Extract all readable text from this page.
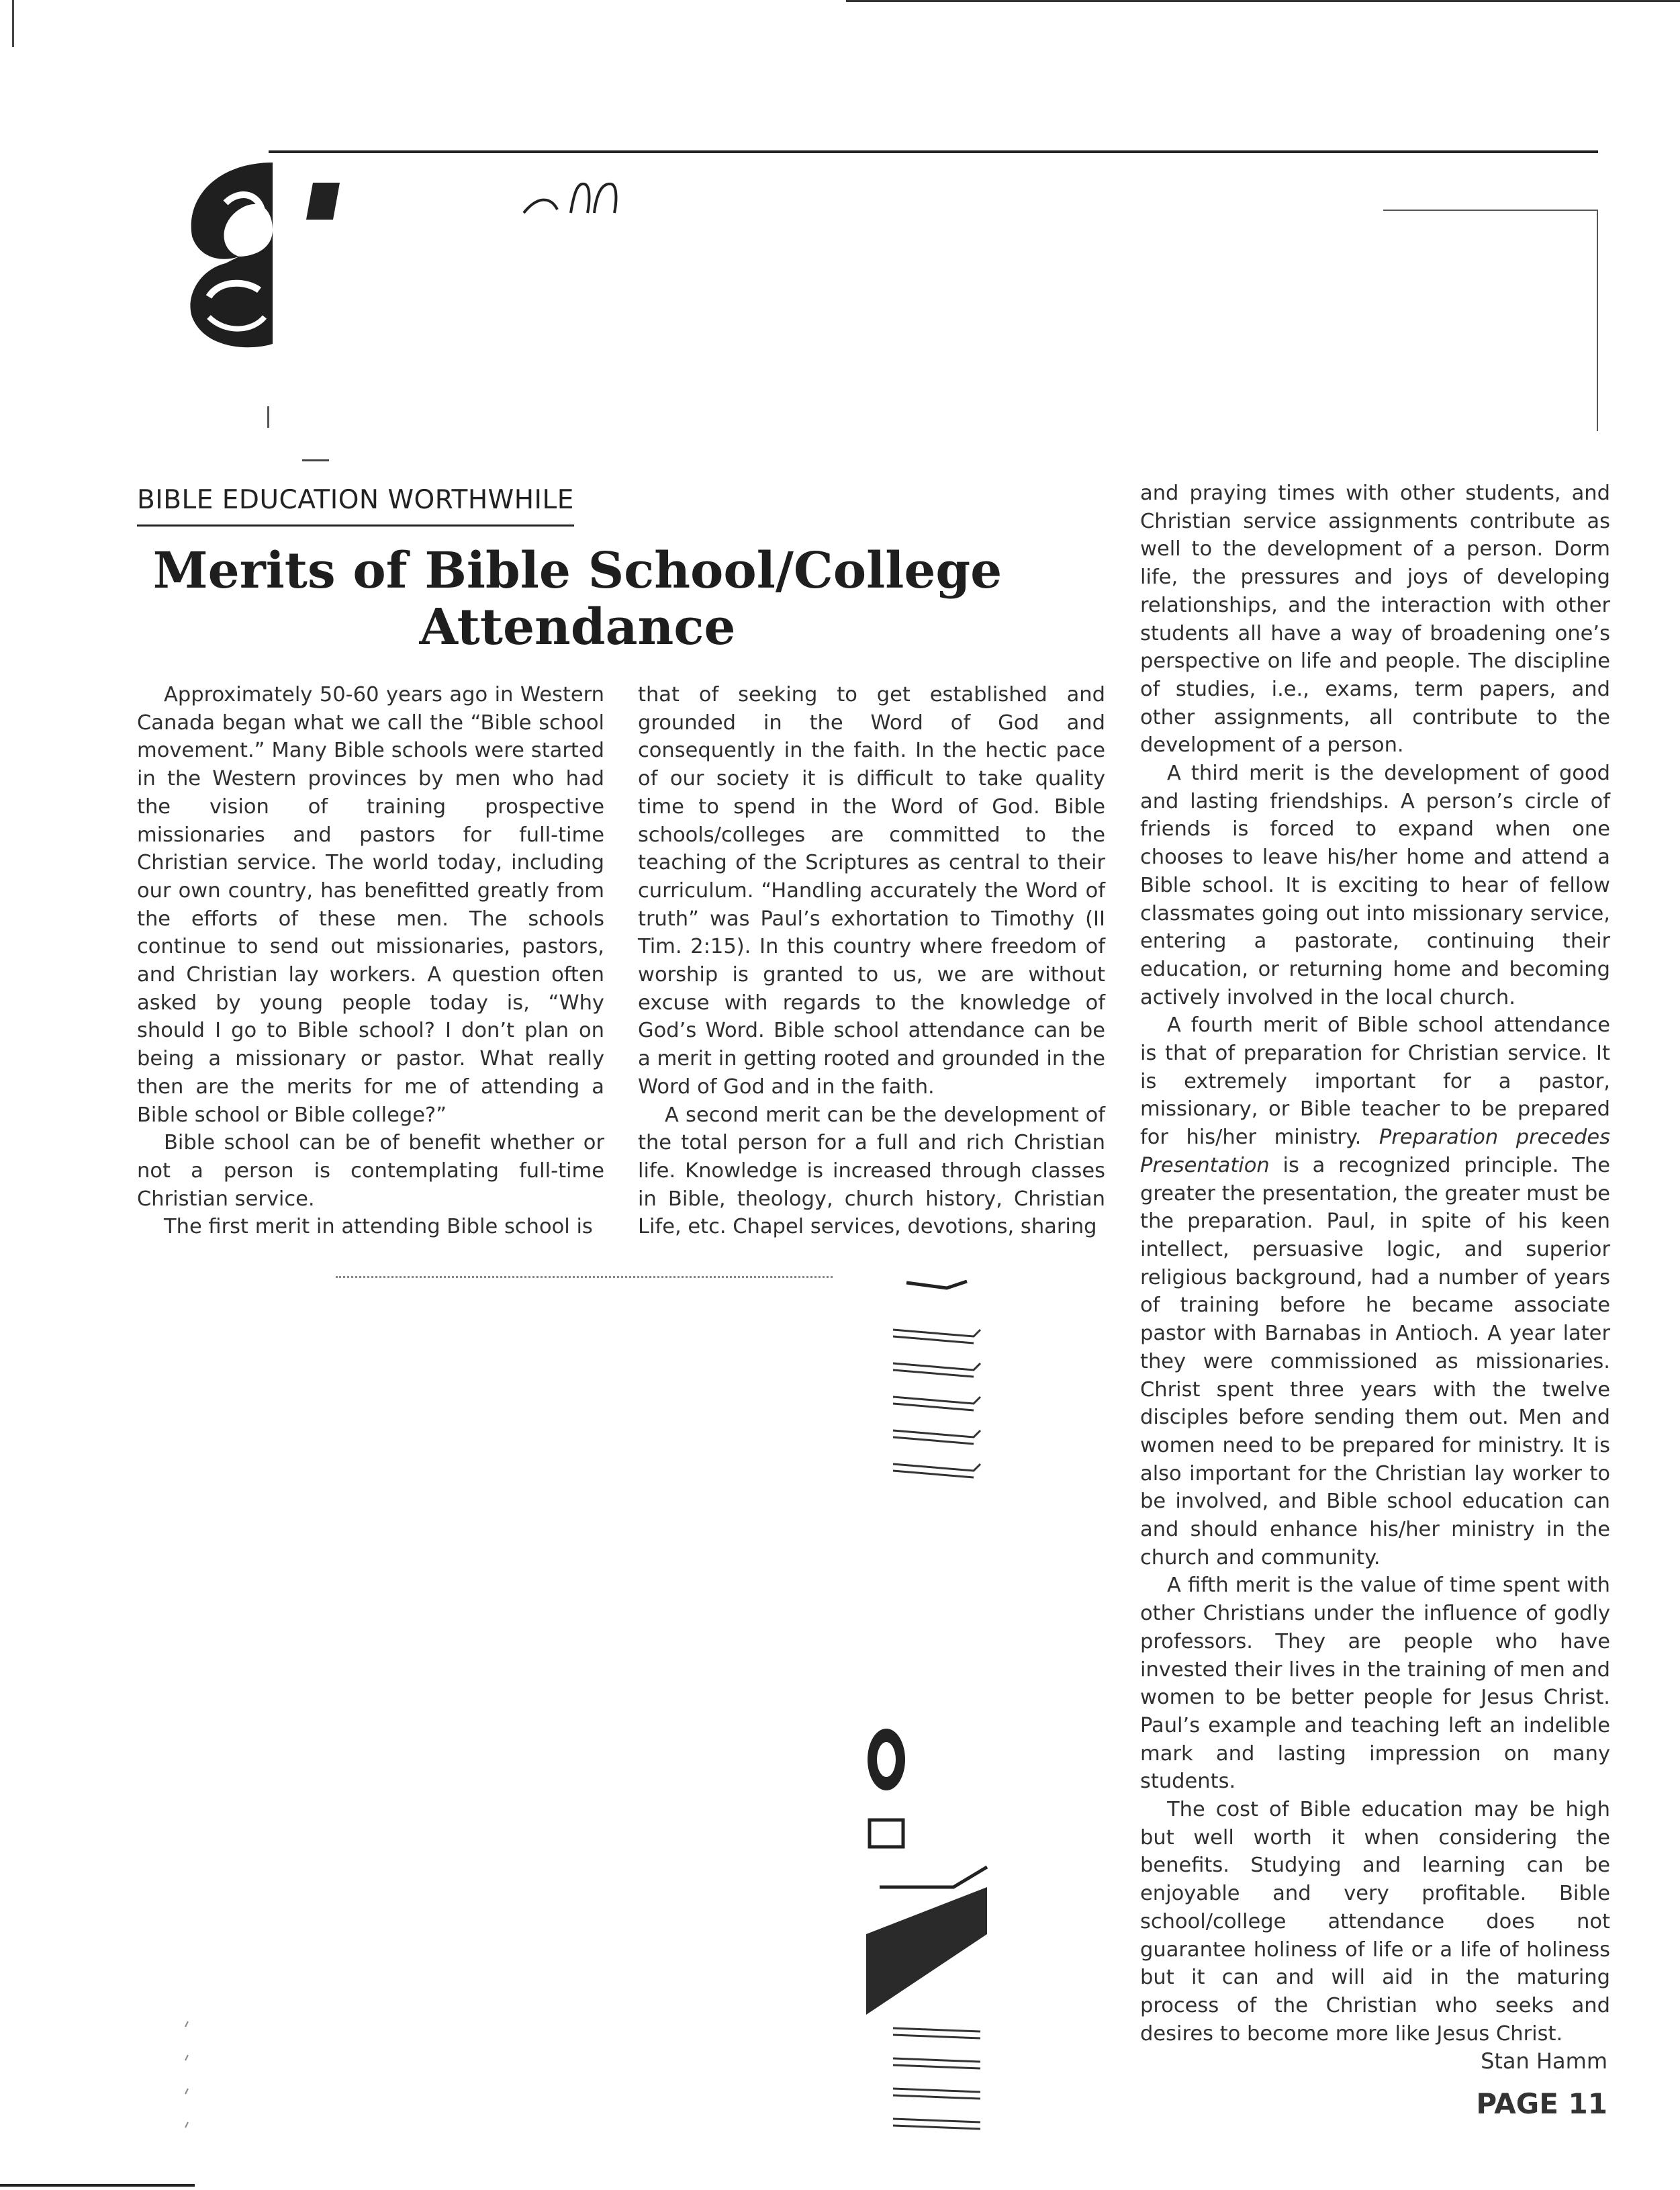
BIBLE EDUCATION WORTHWHILE
Merits of Bible School/College Attendance

Approximately 50-60 years ago in Western Canada began what we call the “Bible school movement.” Many Bible schools were started in the Western provinces by men who had the vision of training prospective missionaries and pastors for full-time Christian service. The world today, including our own country, has benefitted greatly from the efforts of these men. The schools continue to send out missionaries, pastors, and Christian lay workers. A question often asked by young people today is, “Why should I go to Bible school? I don’t plan on being a missionary or pastor. What really then are the merits for me of attending a Bible school or Bible college?”

Bible school can be of benefit whether or not a person is contemplating full-time Christian service.

The first merit in attending Bible school is

that of seeking to get established and grounded in the Word of God and consequently in the faith. In the hectic pace of our society it is difficult to take quality time to spend in the Word of God. Bible schools/colleges are committed to the teaching of the Scriptures as central to their curriculum. “Handling accurately the Word of truth” was Paul’s exhortation to Timothy (II Tim. 2:15). In this country where freedom of worship is granted to us, we are without excuse with regards to the knowledge of God’s Word. Bible school attendance can be a merit in getting rooted and grounded in the Word of God and in the faith.

A second merit can be the development of the total person for a full and rich Christian life. Knowledge is increased through classes in Bible, theology, church history, Christian Life, etc. Chapel services, devotions, sharing

and praying times with other students, and Christian service assignments contribute as well to the development of a person. Dorm life, the pressures and joys of developing relationships, and the interaction with other students all have a way of broadening one’s perspective on life and people. The discipline of studies, i.e., exams, term papers, and other assignments, all contribute to the development of a person.

A third merit is the development of good and lasting friendships. A person’s circle of friends is forced to expand when one chooses to leave his/her home and attend a Bible school. It is exciting to hear of fellow classmates going out into missionary service, entering a pastorate, continuing their education, or returning home and becoming actively involved in the local church.

A fourth merit of Bible school attendance is that of preparation for Christian service. It is extremely important for a pastor, missionary, or Bible teacher to be prepared for his/her ministry. Preparation precedes Presentation is a recognized principle. The greater the presentation, the greater must be the preparation. Paul, in spite of his keen intellect, persuasive logic, and superior religious background, had a number of years of training before he became associate pastor with Barnabas in Antioch. A year later they were commissioned as missionaries. Christ spent three years with the twelve disciples before sending them out. Men and women need to be prepared for ministry. It is also important for the Christian lay worker to be involved, and Bible school education can and should enhance his/her ministry in the church and community.

A fifth merit is the value of time spent with other Christians under the influence of godly professors. They are people who have invested their lives in the training of men and women to be better people for Jesus Christ. Paul’s example and teaching left an indelible mark and lasting impression on many students.

The cost of Bible education may be high but well worth it when considering the benefits. Studying and learning can be enjoyable and very profitable. Bible school/college attendance does not guarantee holiness of life or a life of holiness but it can and will aid in the maturing process of the Christian who seeks and desires to become more like Jesus Christ.

Stan Hamm
PAGE 11
